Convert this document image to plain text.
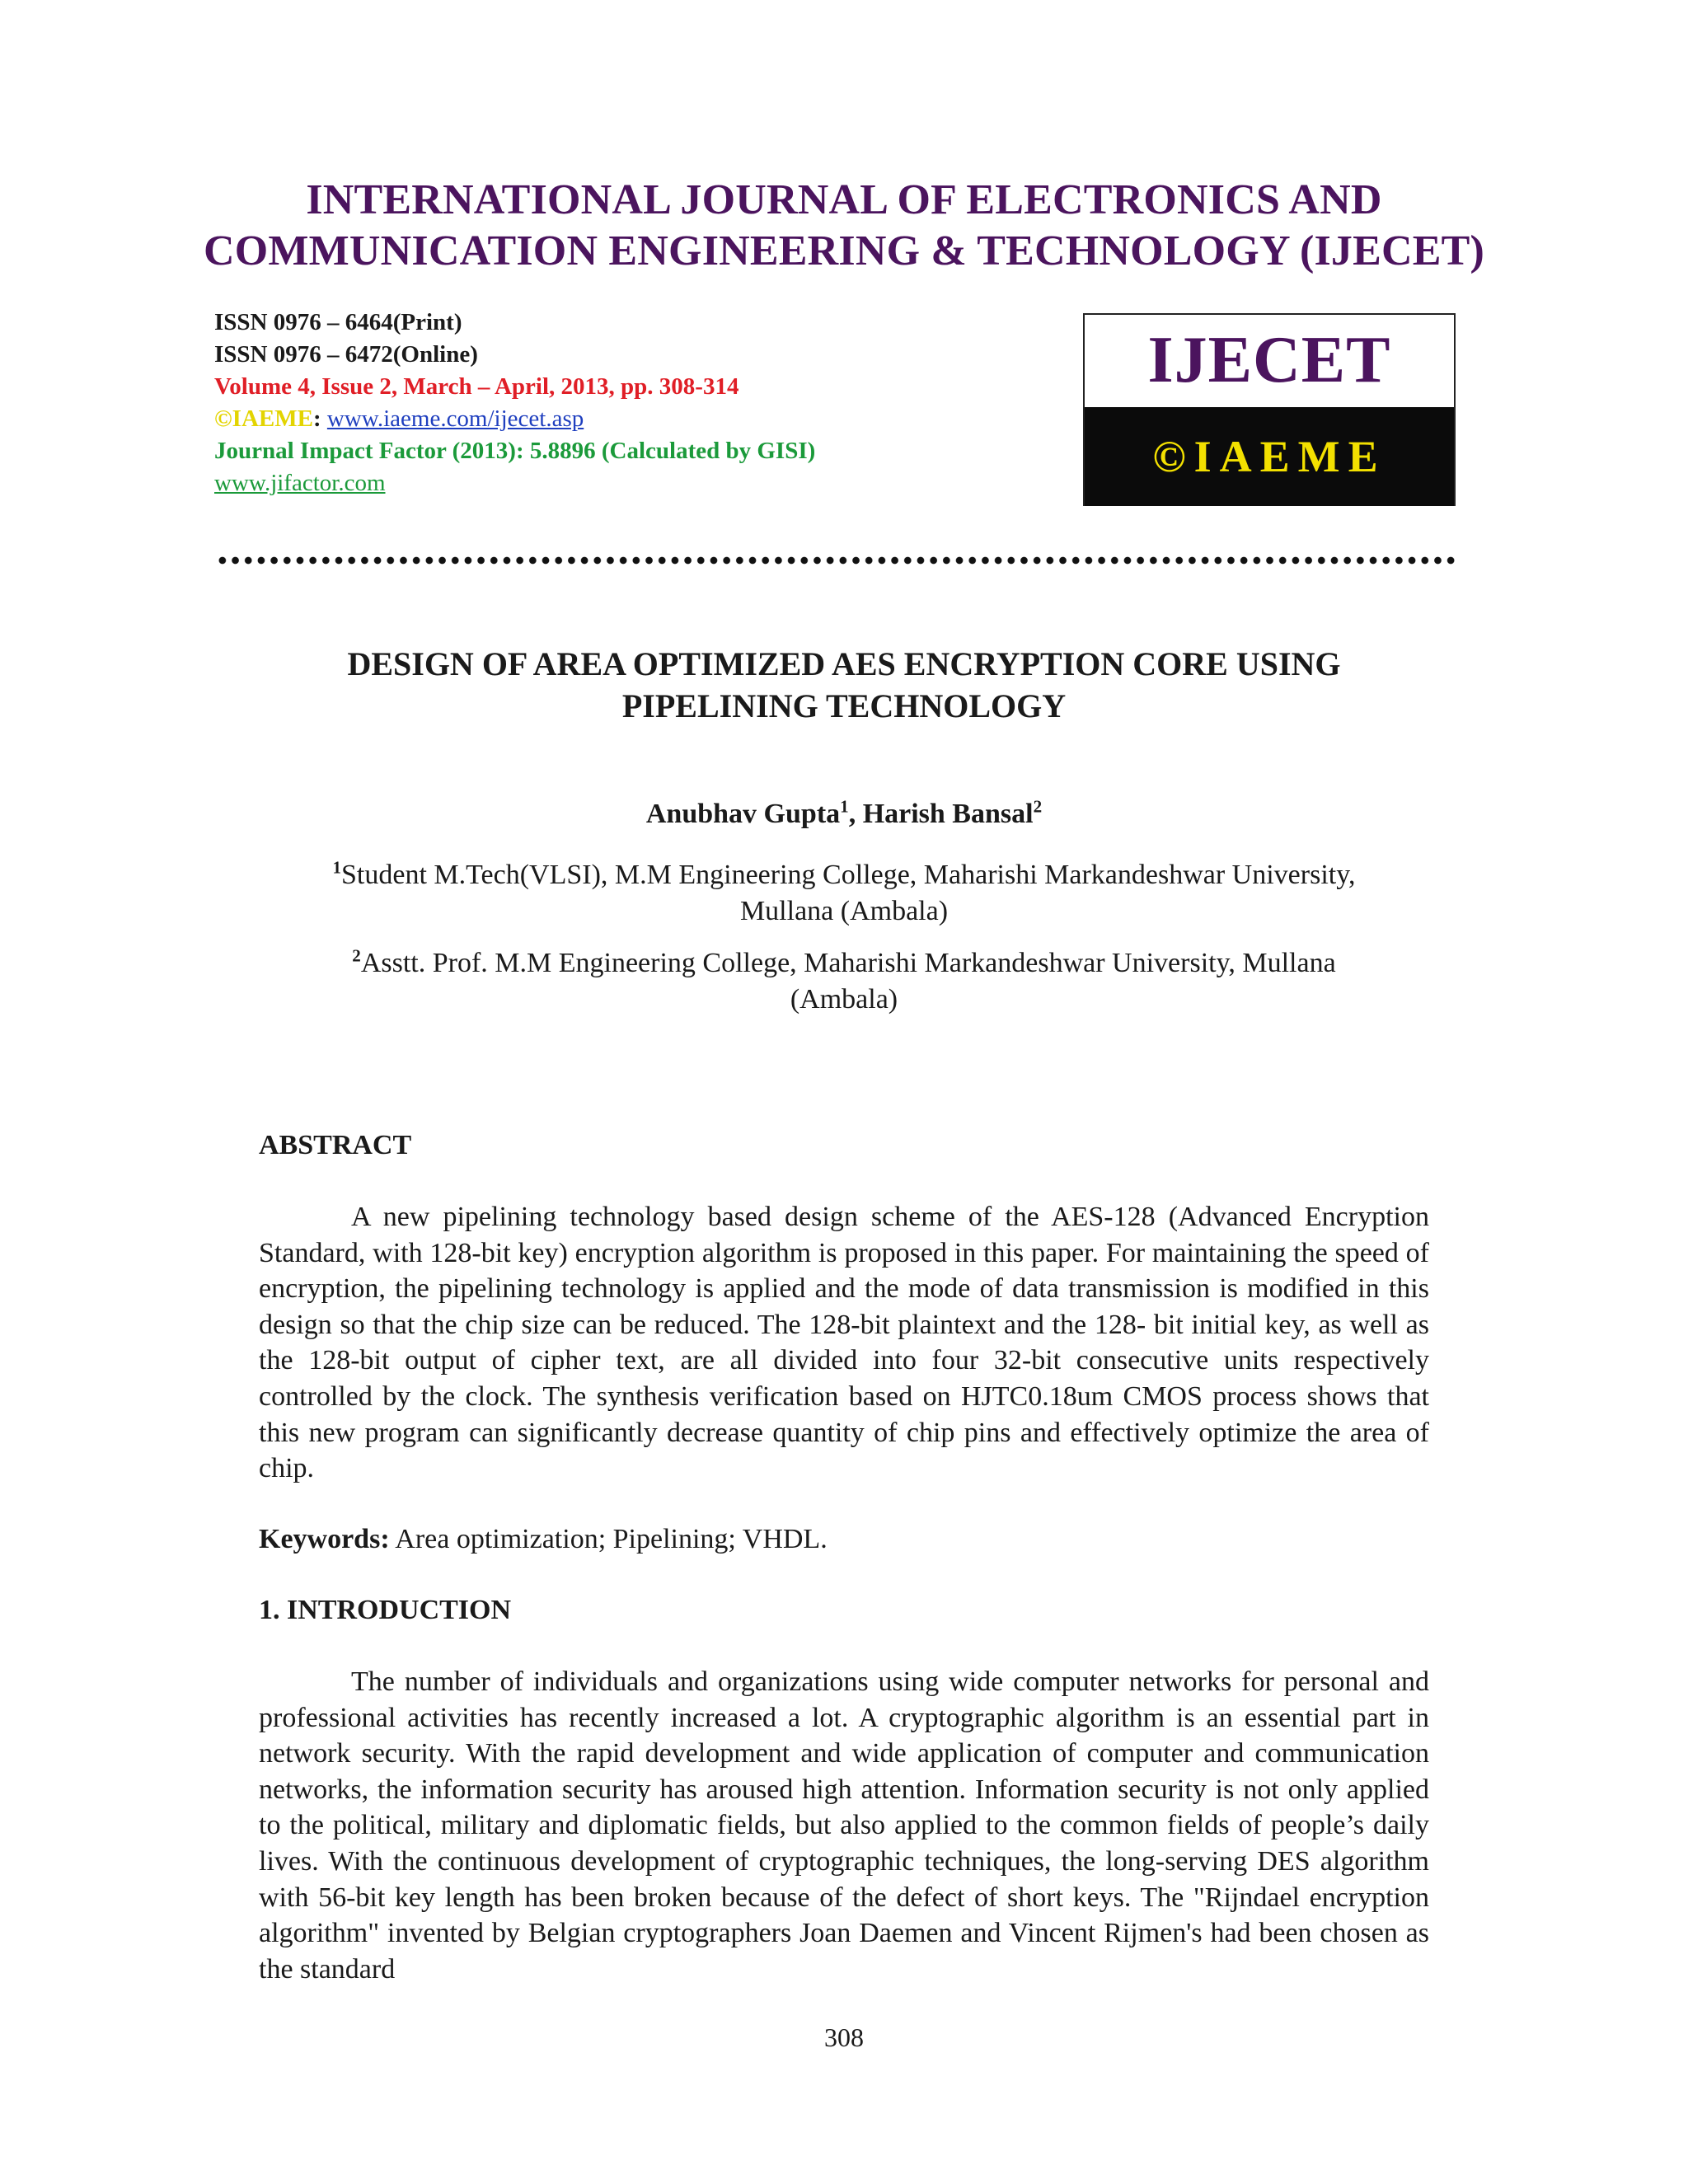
INTERNATIONAL JOURNAL OF ELECTRONICS AND
COMMUNICATION ENGINEERING & TECHNOLOGY (IJECET)
ISSN 0976 – 6464(Print)
ISSN 0976 – 6472(Online)
Volume 4, Issue 2, March – April, 2013, pp. 308-314
©IAEME: www.iaeme.com/ijecet.asp
Journal Impact Factor (2013): 5.8896 (Calculated by GISI)
www.jifactor.com
IJECET
©IAEME
DESIGN OF AREA OPTIMIZED AES ENCRYPTION CORE USING
PIPELINING TECHNOLOGY
Anubhav Gupta$^1$, Harish Bansal$^2$
$^1$Student M.Tech(VLSI), M.M Engineering College, Maharishi Markandeshwar University,
Mullana (Ambala)
$^2$Asstt. Prof. M.M Engineering College, Maharishi Markandeshwar University, Mullana
(Ambala)
ABSTRACT

A new pipelining technology based design scheme of the AES-128 (Advanced Encryption Standard, with 128-bit key) encryption algorithm is proposed in this paper. For maintaining the speed of encryption, the pipelining technology is applied and the mode of data transmission is modified in this design so that the chip size can be reduced. The 128-bit plaintext and the 128- bit initial key, as well as the 128-bit output of cipher text, are all divided into four 32-bit consecutive units respectively controlled by the clock. The synthesis verification based on HJTC0.18um CMOS process shows that this new program can significantly decrease quantity of chip pins and effectively optimize the area of chip.

Keywords: Area optimization; Pipelining; VHDL.
1. INTRODUCTION

The number of individuals and organizations using wide computer networks for personal and professional activities has recently increased a lot. A cryptographic algorithm is an essential part in network security. With the rapid development and wide application of computer and communication networks, the information security has aroused high attention. Information security is not only applied to the political, military and diplomatic fields, but also applied to the common fields of people’s daily lives. With the continuous development of cryptographic techniques, the long-serving DES algorithm with 56-bit key length has been broken because of the defect of short keys. The "Rijndael encryption algorithm" invented by Belgian cryptographers Joan Daemen and Vincent Rijmen's had been chosen as the standard

308
